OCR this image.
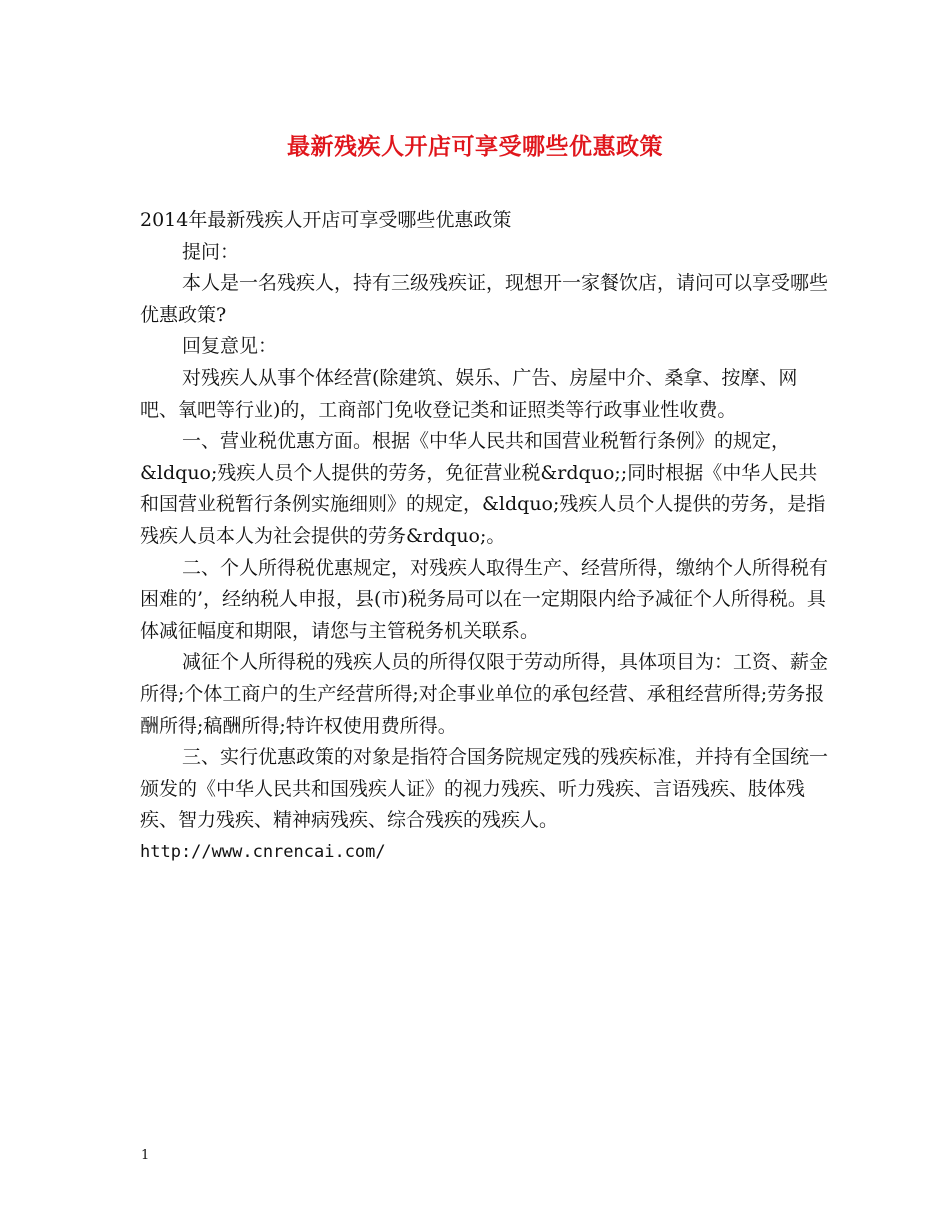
最新残疾人开店可享受哪些优惠政策

2014年最新残疾人开店可享受哪些优惠政策

提问：

本人是一名残疾人，持有三级残疾证，现想开一家餐饮店，请问可以享受哪些优惠政策?

回复意见：

对残疾人从事个体经营(除建筑、娱乐、广告、房屋中介、桑拿、按摩、网吧、氧吧等行业)的，工商部门免收登记类和证照类等行政事业性收费。

一、营业税优惠方面。根据《中华人民共和国营业税暂行条例》的规定，&ldquo;残疾人员个人提供的劳务，免征营业税&rdquo;;同时根据《中华人民共和国营业税暂行条例实施细则》的规定，&ldquo;残疾人员个人提供的劳务，是指残疾人员本人为社会提供的劳务&rdquo;。

二、个人所得税优惠规定，对残疾人取得生产、经营所得，缴纳个人所得税有困难的’，经纳税人申报，县(市)税务局可以在一定期限内给予减征个人所得税。具体减征幅度和期限，请您与主管税务机关联系。

减征个人所得税的残疾人员的所得仅限于劳动所得，具体项目为：工资、薪金所得;个体工商户的生产经营所得;对企事业单位的承包经营、承租经营所得;劳务报酬所得;稿酬所得;特许权使用费所得。

三、实行优惠政策的对象是指符合国务院规定残的残疾标准，并持有全国统一颁发的《中华人民共和国残疾人证》的视力残疾、听力残疾、言语残疾、肢体残疾、智力残疾、精神病残疾、综合残疾的残疾人。

http://www.cnrencai.com/

1
